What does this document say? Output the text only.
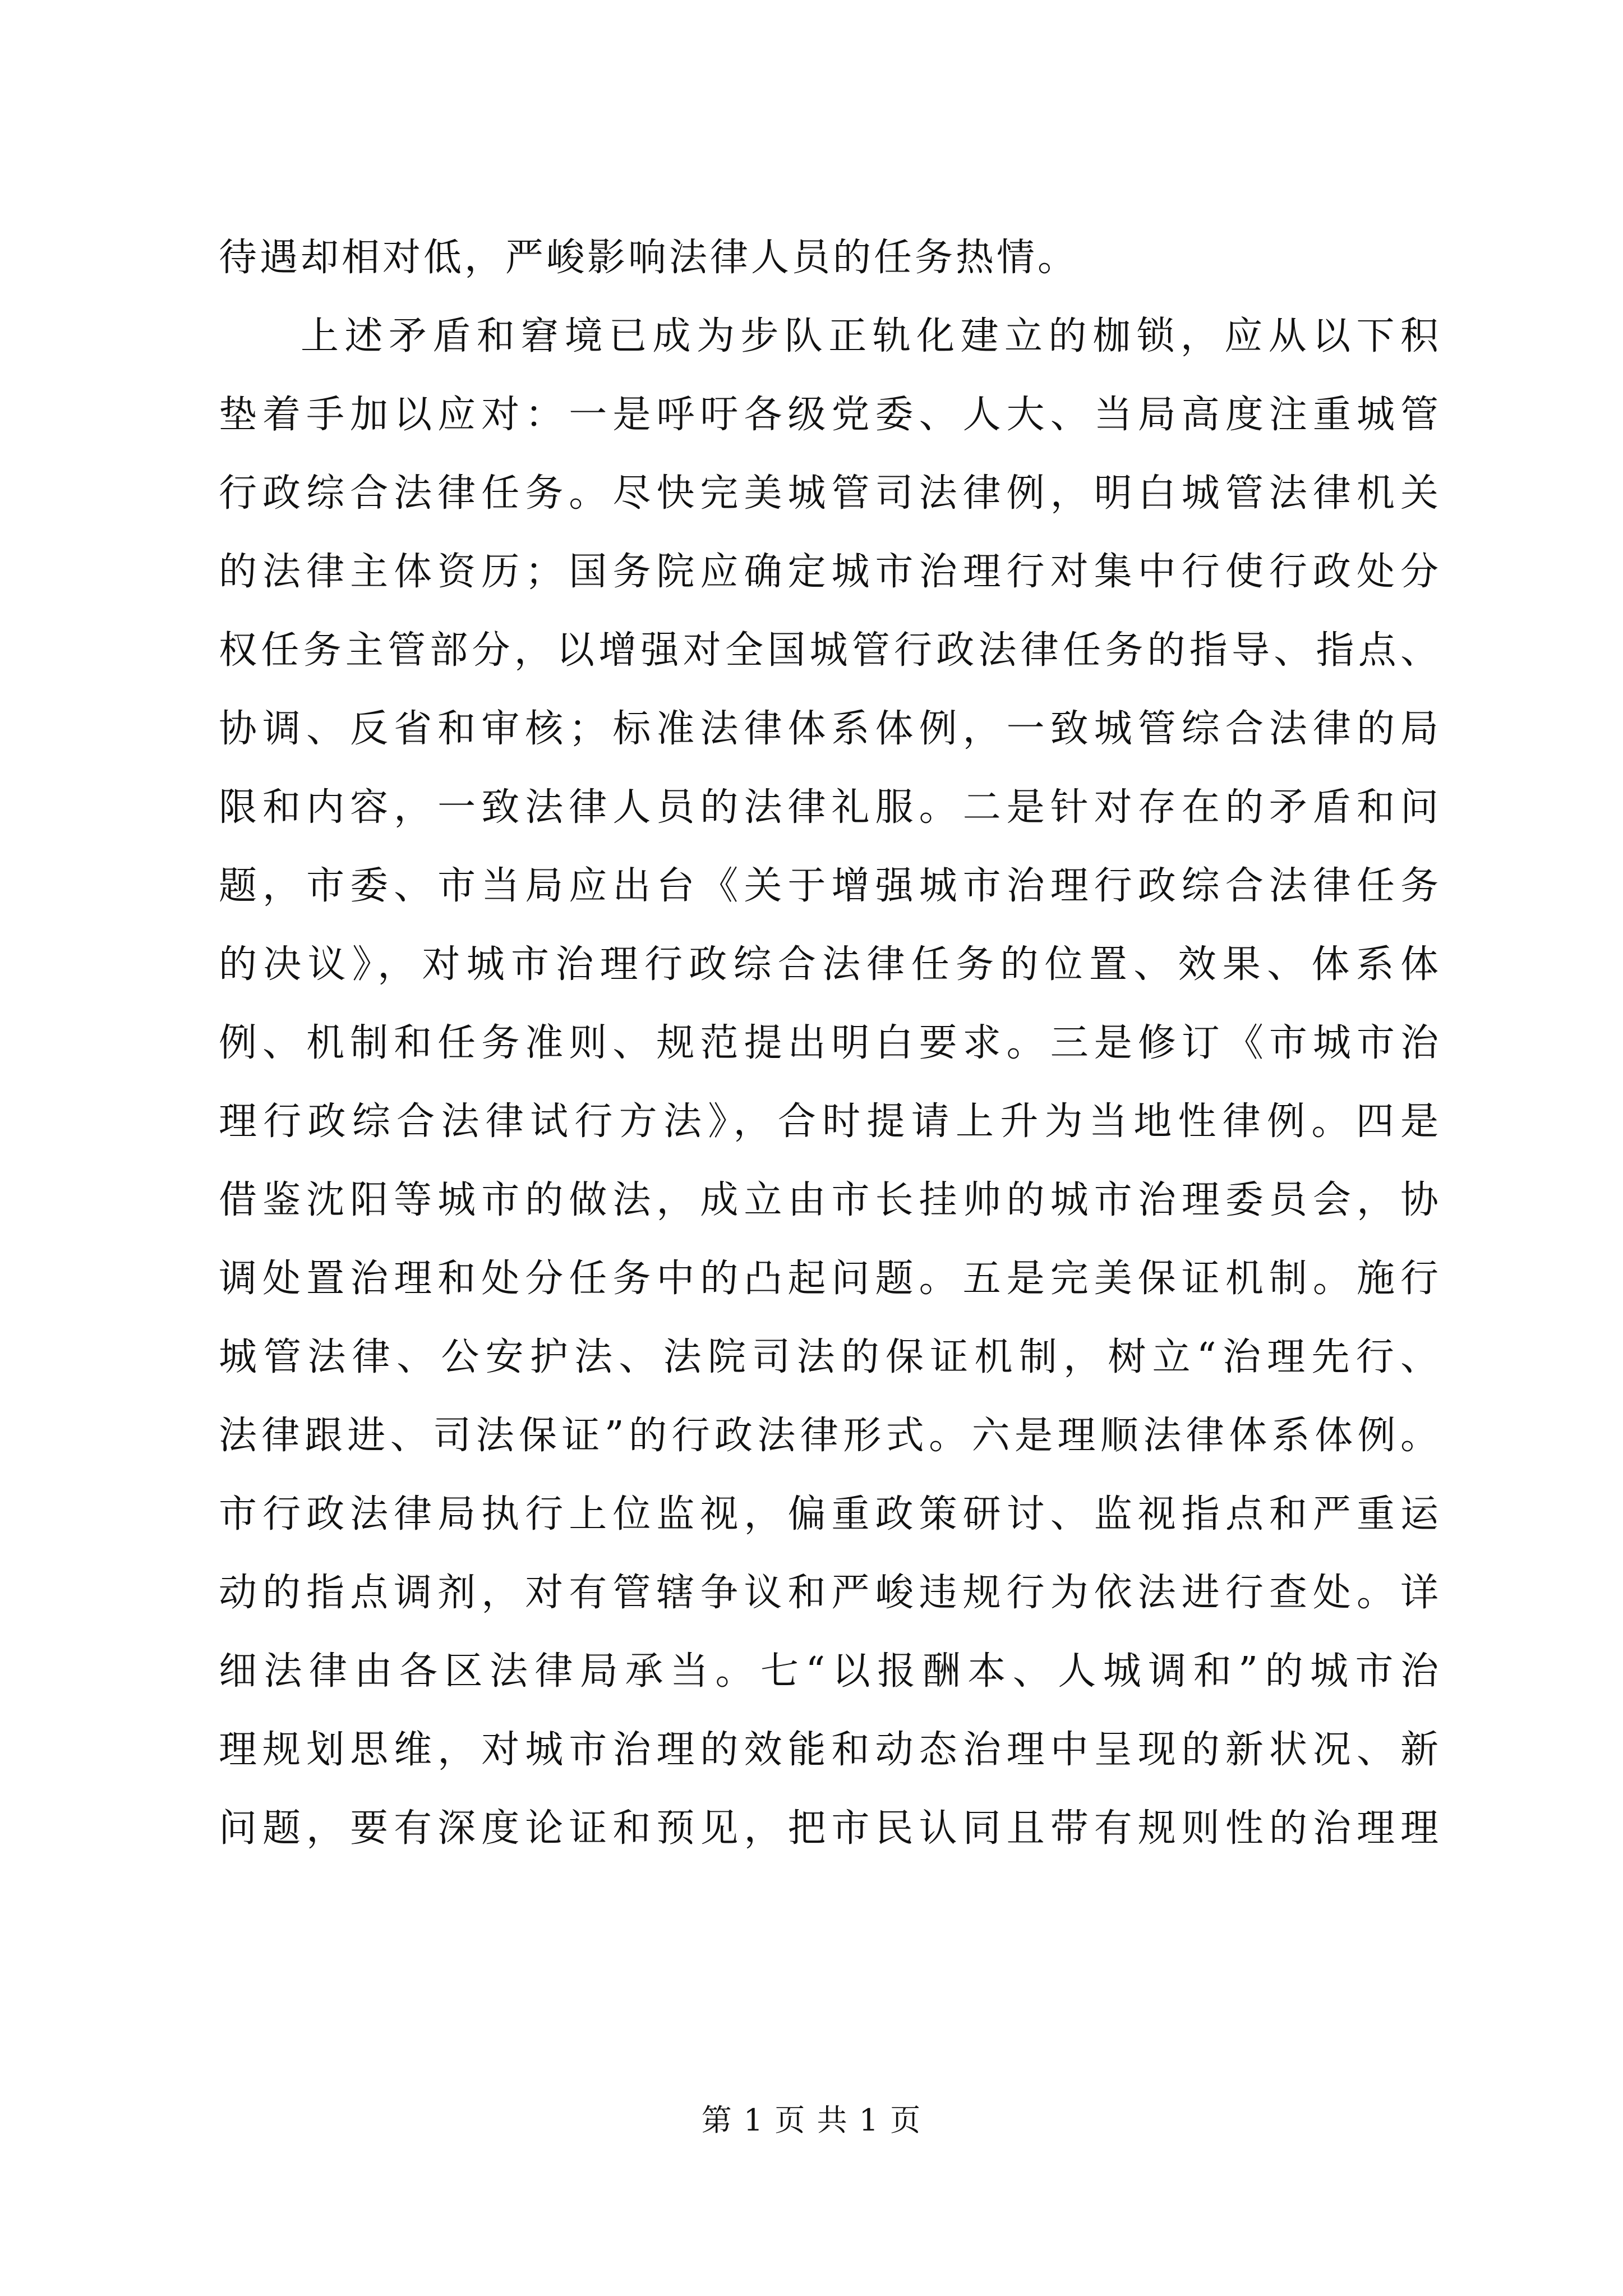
待遇却相对低，严峻影响法律人员的任务热情。
上述矛盾和窘境已成为步队正轨化建立的枷锁，应从以下积
垫着手加以应对：一是呼吁各级党委、人大、当局高度注重城管
行政综合法律任务。尽快完美城管司法律例，明白城管法律机关
的法律主体资历；国务院应确定城市治理行对集中行使行政处分
权任务主管部分，以增强对全国城管行政法律任务的指导、指点、
协调、反省和审核；标准法律体系体例，一致城管综合法律的局
限和内容，一致法律人员的法律礼服。二是针对存在的矛盾和问
题，市委、市当局应出台《关于增强城市治理行政综合法律任务
的决议》，对城市治理行政综合法律任务的位置、效果、体系体
例、机制和任务准则、规范提出明白要求。三是修订《市城市治
理行政综合法律试行方法》，合时提请上升为当地性律例。四是
借鉴沈阳等城市的做法，成立由市长挂帅的城市治理委员会，协
调处置治理和处分任务中的凸起问题。五是完美保证机制。施行
城管法律、公安护法、法院司法的保证机制，树立“治理先行、
法律跟进、司法保证”的行政法律形式。六是理顺法律体系体例。
市行政法律局执行上位监视，偏重政策研讨、监视指点和严重运
动的指点调剂，对有管辖争议和严峻违规行为依法进行查处。详
细法律由各区法律局承当。七“以报酬本、人城调和”的城市治
理规划思维，对城市治理的效能和动态治理中呈现的新状况、新
问题，要有深度论证和预见，把市民认同且带有规则性的治理理
第 1 页 共 1 页
